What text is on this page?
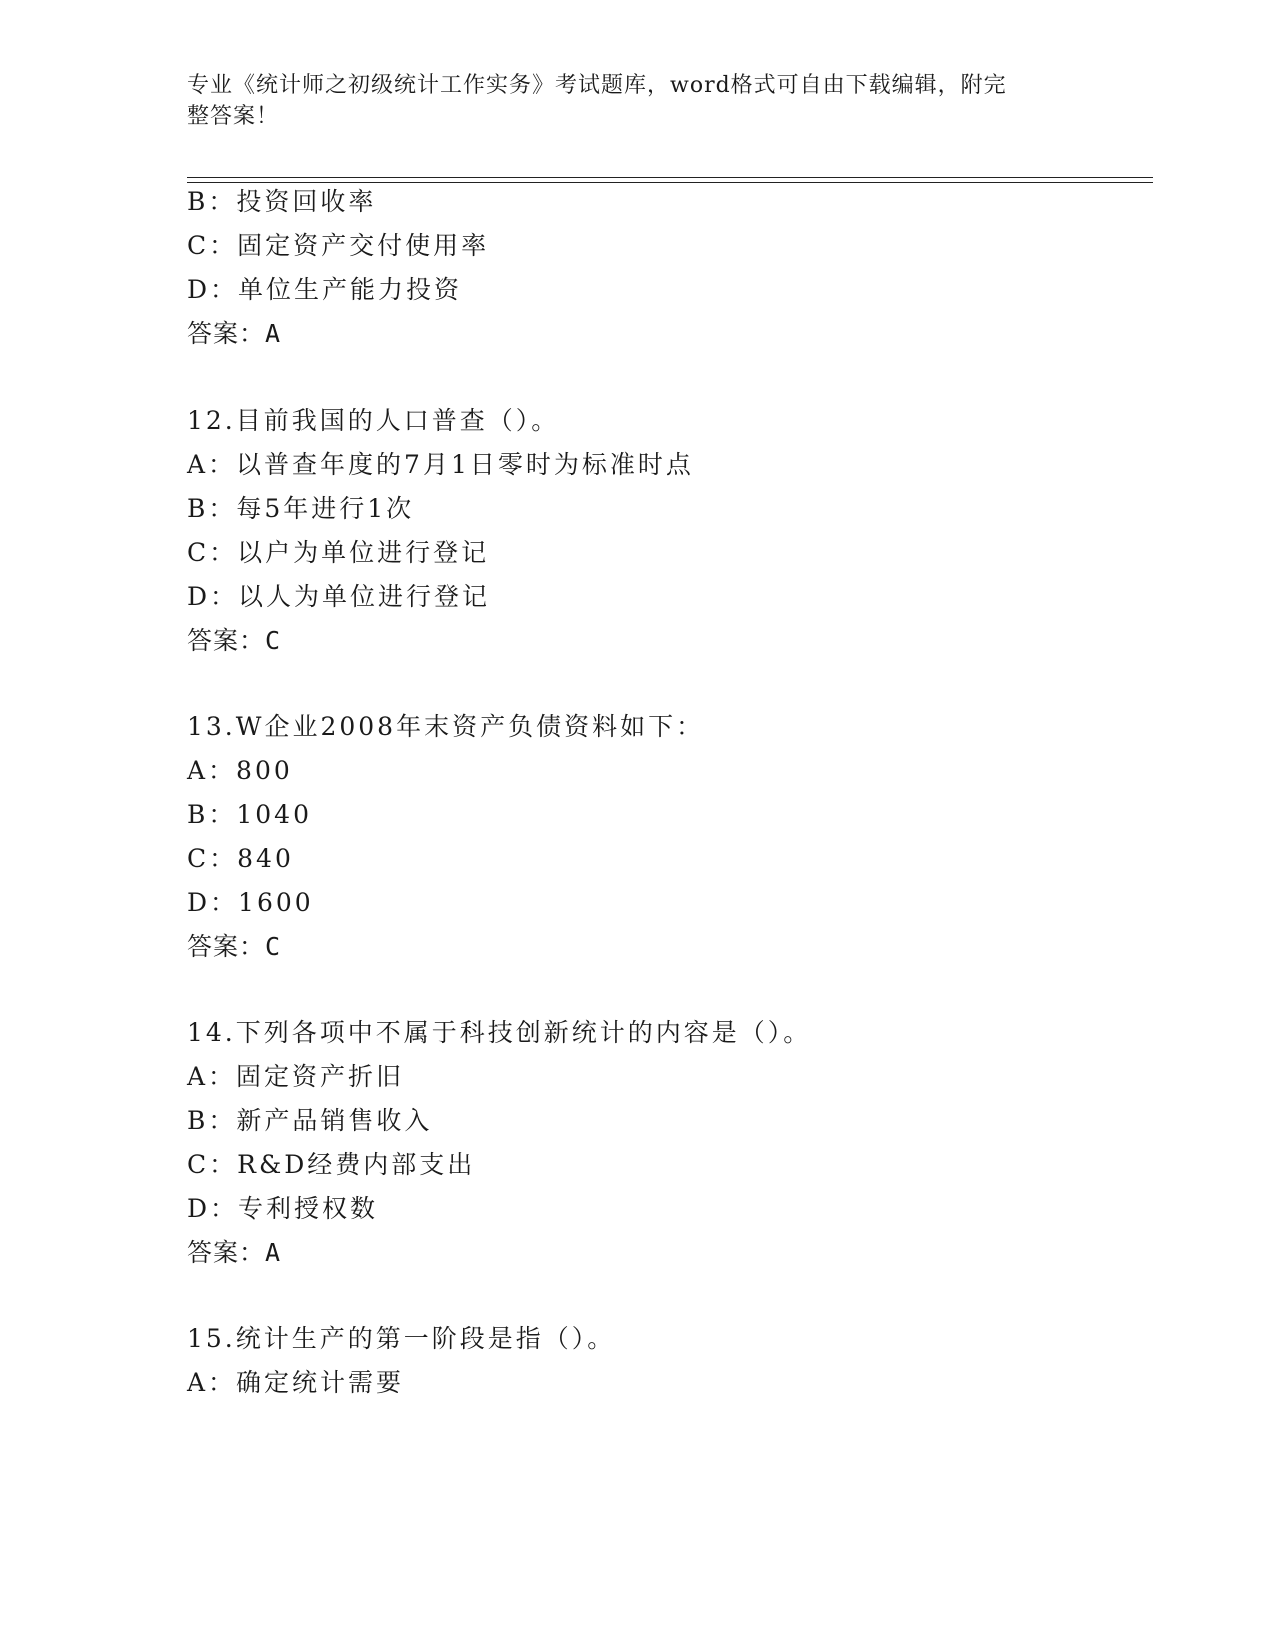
专业《统计师之初级统计工作实务》考试题库，word格式可自由下载编辑，附完
整答案！
B：投资回收率
C：固定资产交付使用率
D：单位生产能力投资
答案：A
12.目前我国的人口普查（）。
A：以普查年度的7月1日零时为标准时点
B：每5年进行1次
C：以户为单位进行登记
D：以人为单位进行登记
答案：C
13.W企业2008年末资产负债资料如下：
A：800
B：1040
C：840
D：1600
答案：C
14.下列各项中不属于科技创新统计的内容是（）。
A：固定资产折旧
B：新产品销售收入
C：R&D经费内部支出
D：专利授权数
答案：A
15.统计生产的第一阶段是指（）。
A：确定统计需要
